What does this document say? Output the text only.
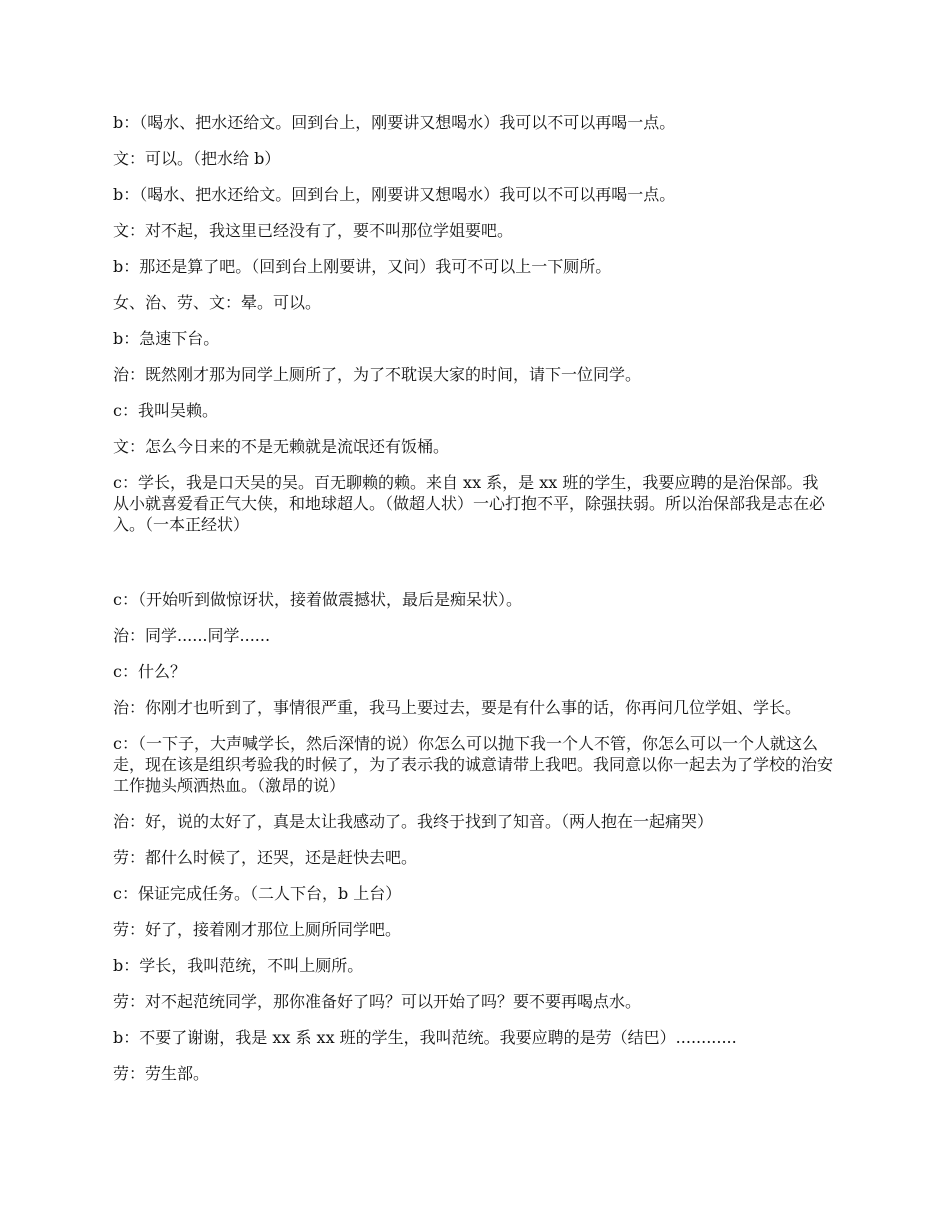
b：（喝水、把水还给文。回到台上，刚要讲又想喝水）我可以不可以再喝一点。

文：可以。（把水给 b）

b：（喝水、把水还给文。回到台上，刚要讲又想喝水）我可以不可以再喝一点。

文：对不起，我这里已经没有了，要不叫那位学姐要吧。

b：那还是算了吧。（回到台上刚要讲，又问）我可不可以上一下厕所。

女、治、劳、文：晕。可以。

b：急速下台。

治：既然刚才那为同学上厕所了，为了不耽误大家的时间，请下一位同学。

c：我叫吴赖。

文：怎么今日来的不是无赖就是流氓还有饭桶。

c：学长，我是口天吴的吴。百无聊赖的赖。来自 xx 系，是 xx 班的学生，我要应聘的是治保部。我从小就喜爱看正气大侠，和地球超人。（做超人状）一心打抱不平，除强扶弱。所以治保部我是志在必入。（一本正经状）

c：（开始听到做惊讶状，接着做震撼状，最后是痴呆状）。

治：同学......同学......

c：什么？

治：你刚才也听到了，事情很严重，我马上要过去，要是有什么事的话，你再问几位学姐、学长。

c：（一下子，大声喊学长，然后深情的说）你怎么可以抛下我一个人不管，你怎么可以一个人就这么走，现在该是组织考验我的时候了，为了表示我的诚意请带上我吧。我同意以你一起去为了学校的治安工作抛头颅洒热血。（激昂的说）

治：好，说的太好了，真是太让我感动了。我终于找到了知音。（两人抱在一起痛哭）

劳：都什么时候了，还哭，还是赶快去吧。

c：保证完成任务。（二人下台，b 上台）

劳：好了，接着刚才那位上厕所同学吧。

b：学长，我叫范统，不叫上厕所。

劳：对不起范统同学，那你准备好了吗？可以开始了吗？要不要再喝点水。

b：不要了谢谢，我是 xx 系 xx 班的学生，我叫范统。我要应聘的是劳（结巴）............

劳：劳生部。
